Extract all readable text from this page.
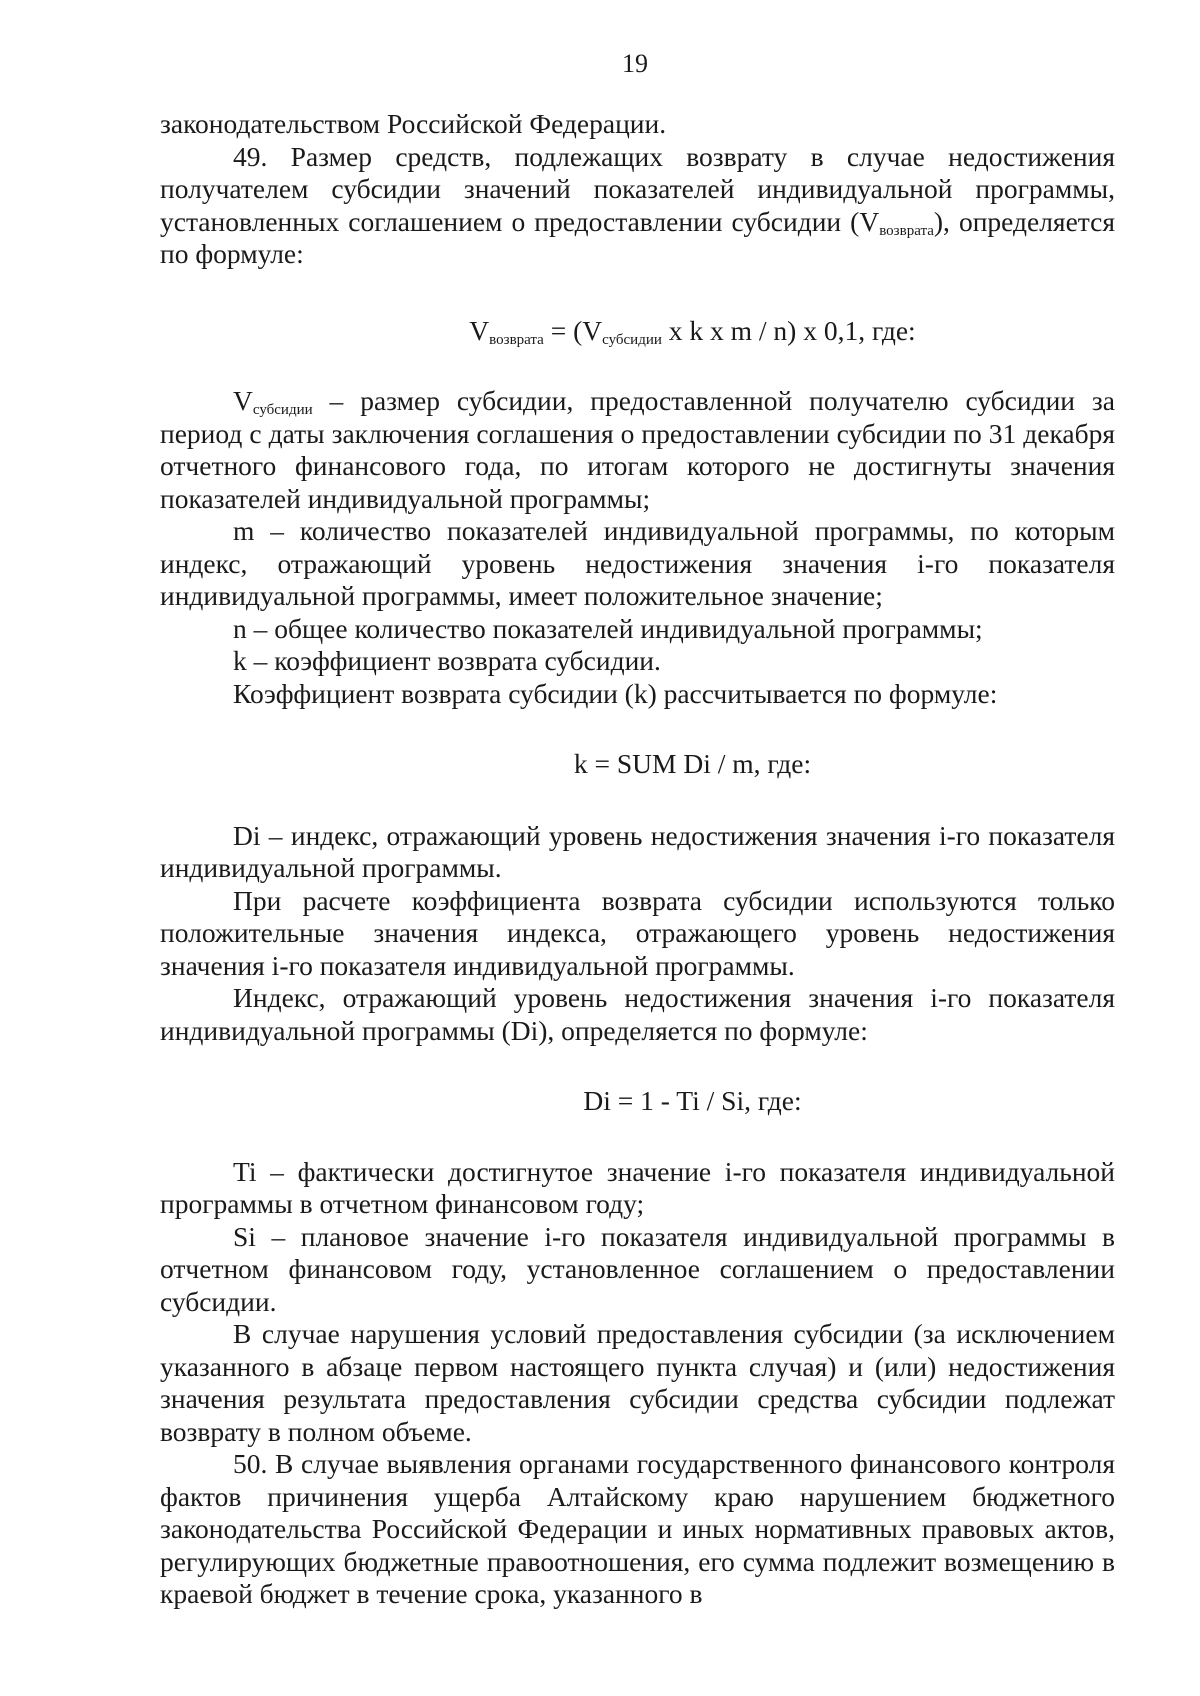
19

законодательством Российской Федерации.

49. Размер средств, подлежащих возврату в случае недостижения получателем субсидии значений показателей индивидуальной программы, установленных соглашением о предоставлении субсидии $(V_{возврата})$, определяется по формуле:

$V_{возврата} = (V_{субсидии}$ x k x m / n) x 0,1, где:

$V_{субсидии}$ – размер субсидии, предоставленной получателю субсидии за период с даты заключения соглашения о предоставлении субсидии по 31 декабря отчетного финансового года, по итогам которого не достигнуты значения показателей индивидуальной программы;

m – количество показателей индивидуальной программы, по которым индекс, отражающий уровень недостижения значения i-го показателя индивидуальной программы, имеет положительное значение;

n – общее количество показателей индивидуальной программы;

k – коэффициент возврата субсидии.

Коэффициент возврата субсидии (k) рассчитывается по формуле:

k = SUM Di / m, где:

Di – индекс, отражающий уровень недостижения значения i-го показателя индивидуальной программы.

При расчете коэффициента возврата субсидии используются только положительные значения индекса, отражающего уровень недостижения значения i-го показателя индивидуальной программы.

Индекс, отражающий уровень недостижения значения i-го показателя индивидуальной программы (Di), определяется по формуле:

Di = 1 - Ti / Si, где:

Ti – фактически достигнутое значение i-го показателя индивидуальной программы в отчетном финансовом году;

Si – плановое значение i-го показателя индивидуальной программы в отчетном финансовом году, установленное соглашением о предоставлении субсидии.

В случае нарушения условий предоставления субсидии (за исключением указанного в абзаце первом настоящего пункта случая) и (или) недостижения значения результата предоставления субсидии средства субсидии подлежат возврату в полном объеме.

50. В случае выявления органами государственного финансового контроля фактов причинения ущерба Алтайскому краю нарушением бюджетного законодательства Российской Федерации и иных нормативных правовых актов, регулирующих бюджетные правоотношения, его сумма подлежит возмещению в краевой бюджет в течение срока, указанного в
